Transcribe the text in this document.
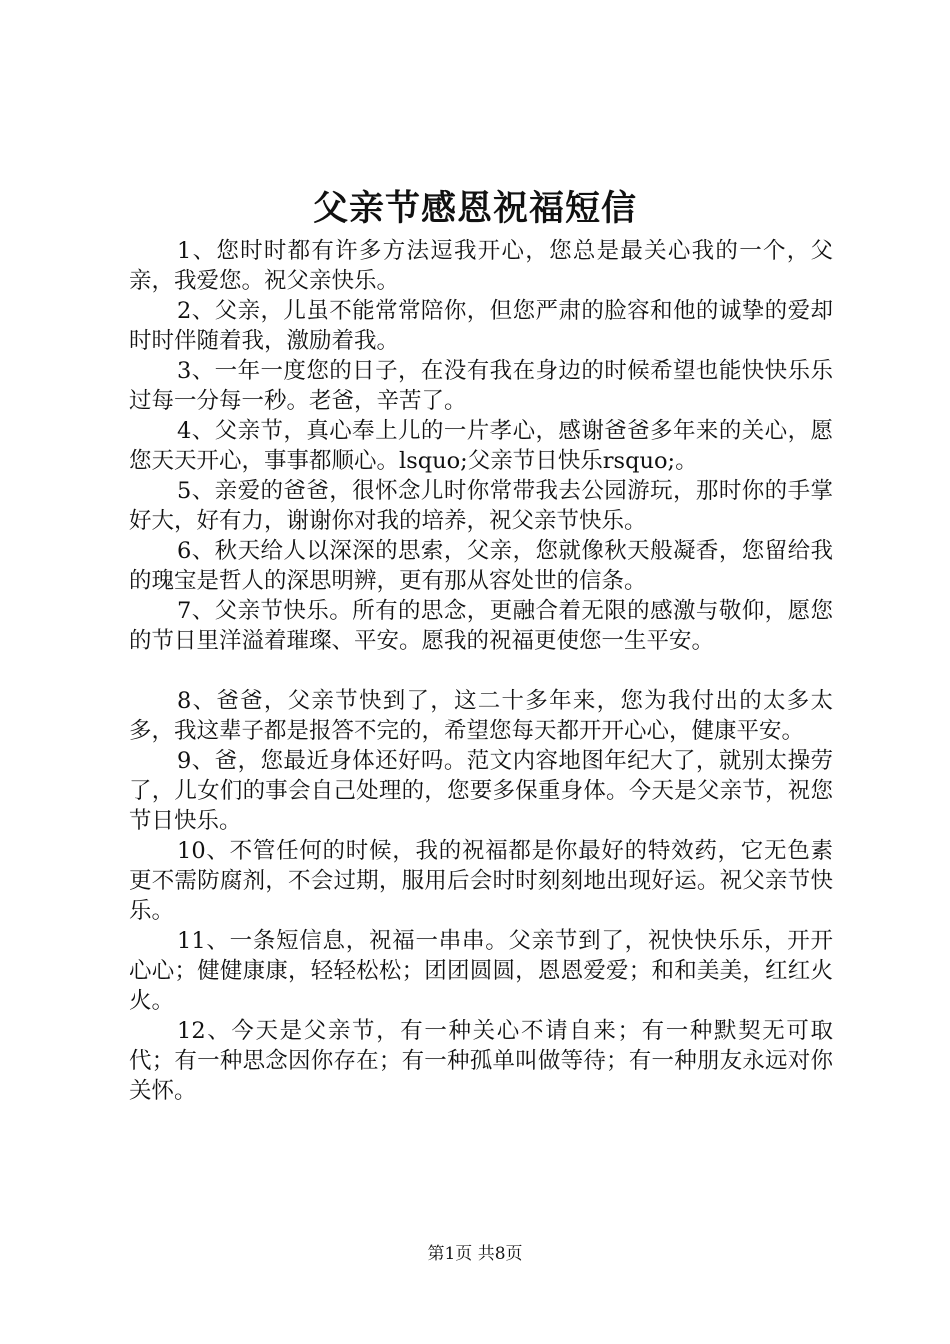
父亲节感恩祝福短信

1、您时时都有许多方法逗我开心，您总是最关心我的一个，父亲，我爱您。祝父亲快乐。

2、父亲，儿虽不能常常陪你，但您严肃的脸容和他的诚挚的爱却时时伴随着我，激励着我。

3、一年一度您的日子，在没有我在身边的时候希望也能快快乐乐过每一分每一秒。老爸，辛苦了。

4、父亲节，真心奉上儿的一片孝心，感谢爸爸多年来的关心，愿您天天开心，事事都顺心。lsquo;父亲节日快乐rsquo;。

5、亲爱的爸爸，很怀念儿时你常带我去公园游玩，那时你的手掌好大，好有力，谢谢你对我的培养，祝父亲节快乐。

6、秋天给人以深深的思索，父亲，您就像秋天般凝香，您留给我的瑰宝是哲人的深思明辨，更有那从容处世的信条。

7、父亲节快乐。所有的思念，更融合着无限的感激与敬仰，愿您的节日里洋溢着璀璨、平安。愿我的祝福更使您一生平安。

8、爸爸，父亲节快到了，这二十多年来，您为我付出的太多太多，我这辈子都是报答不完的，希望您每天都开开心心，健康平安。

9、爸，您最近身体还好吗。范文内容地图年纪大了，就别太操劳了，儿女们的事会自己处理的，您要多保重身体。今天是父亲节，祝您节日快乐。

10、不管任何的时候，我的祝福都是你最好的特效药，它无色素更不需防腐剂，不会过期，服用后会时时刻刻地出现好运。祝父亲节快乐。

11、一条短信息，祝福一串串。父亲节到了，祝快快乐乐，开开心心；健健康康，轻轻松松；团团圆圆，恩恩爱爱；和和美美，红红火火。

12、今天是父亲节，有一种关心不请自来；有一种默契无可取代；有一种思念因你存在；有一种孤单叫做等待；有一种朋友永远对你关怀。

第1页 共8页
